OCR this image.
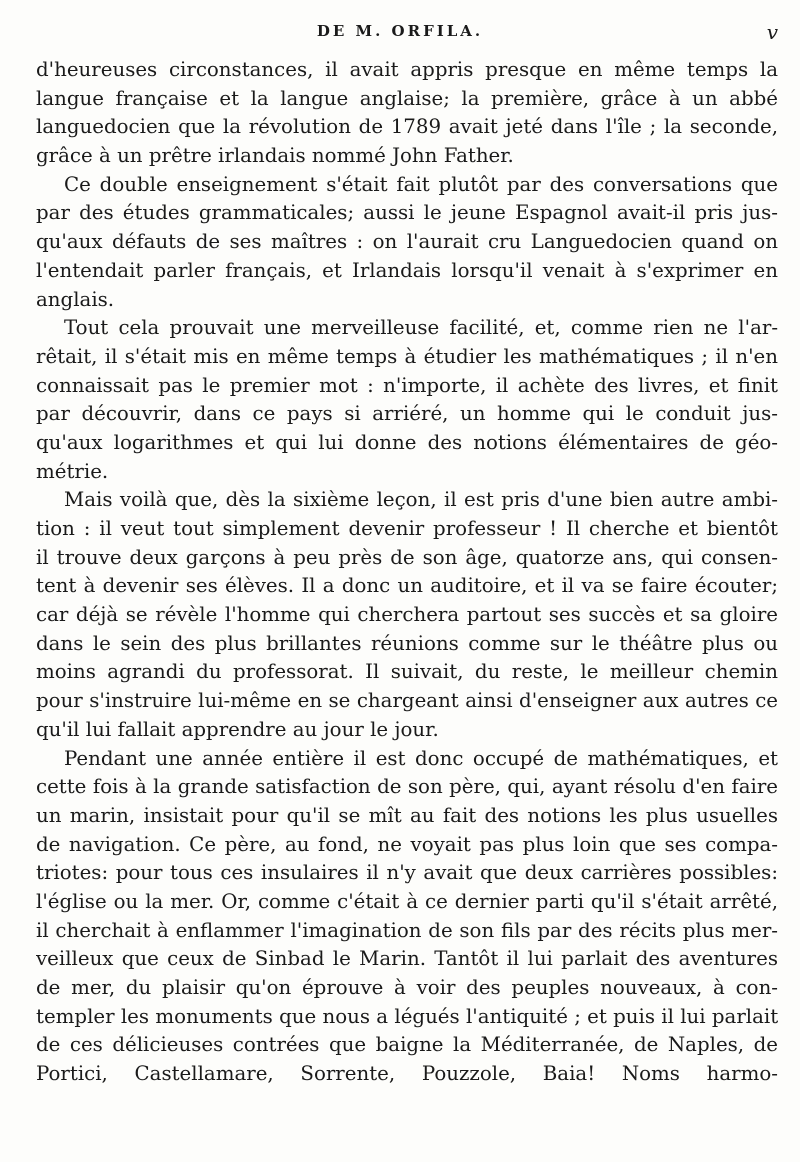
DE M. ORFILA.	v
d'heureuses circonstances, il avait appris presque en même temps la
langue française et la langue anglaise; la première, grâce à un abbé
languedocien que la révolution de 1789 avait jeté dans l'île ; la seconde,
grâce à un prêtre irlandais nommé John Father.
Ce double enseignement s'était fait plutôt par des conversations que
par des études grammaticales; aussi le jeune Espagnol avait-il pris jus-
qu'aux défauts de ses maîtres : on l'aurait cru Languedocien quand on
l'entendait parler français, et Irlandais lorsqu'il venait à s'exprimer en
anglais.
Tout cela prouvait une merveilleuse facilité, et, comme rien ne l'ar-
rêtait, il s'était mis en même temps à étudier les mathématiques ; il n'en
connaissait pas le premier mot : n'importe, il achète des livres, et finit
par découvrir, dans ce pays si arriéré, un homme qui le conduit jus-
qu'aux logarithmes et qui lui donne des notions élémentaires de géo-
métrie.
Mais voilà que, dès la sixième leçon, il est pris d'une bien autre ambi-
tion : il veut tout simplement devenir professeur ! Il cherche et bientôt
il trouve deux garçons à peu près de son âge, quatorze ans, qui consen-
tent à devenir ses élèves. Il a donc un auditoire, et il va se faire écouter;
car déjà se révèle l'homme qui cherchera partout ses succès et sa gloire
dans le sein des plus brillantes réunions comme sur le théâtre plus ou
moins agrandi du professorat. Il suivait, du reste, le meilleur chemin
pour s'instruire lui-même en se chargeant ainsi d'enseigner aux autres ce
qu'il lui fallait apprendre au jour le jour.
Pendant une année entière il est donc occupé de mathématiques, et
cette fois à la grande satisfaction de son père, qui, ayant résolu d'en faire
un marin, insistait pour qu'il se mît au fait des notions les plus usuelles
de navigation. Ce père, au fond, ne voyait pas plus loin que ses compa-
triotes: pour tous ces insulaires il n'y avait que deux carrières possibles:
l'église ou la mer. Or, comme c'était à ce dernier parti qu'il s'était arrêté,
il cherchait à enflammer l'imagination de son fils par des récits plus mer-
veilleux que ceux de Sinbad le Marin. Tantôt il lui parlait des aventures
de mer, du plaisir qu'on éprouve à voir des peuples nouveaux, à con-
templer les monuments que nous a légués l'antiquité ; et puis il lui parlait
de ces délicieuses contrées que baigne la Méditerranée, de Naples, de
Portici, Castellamare, Sorrente, Pouzzole, Baia! Noms harmo-
